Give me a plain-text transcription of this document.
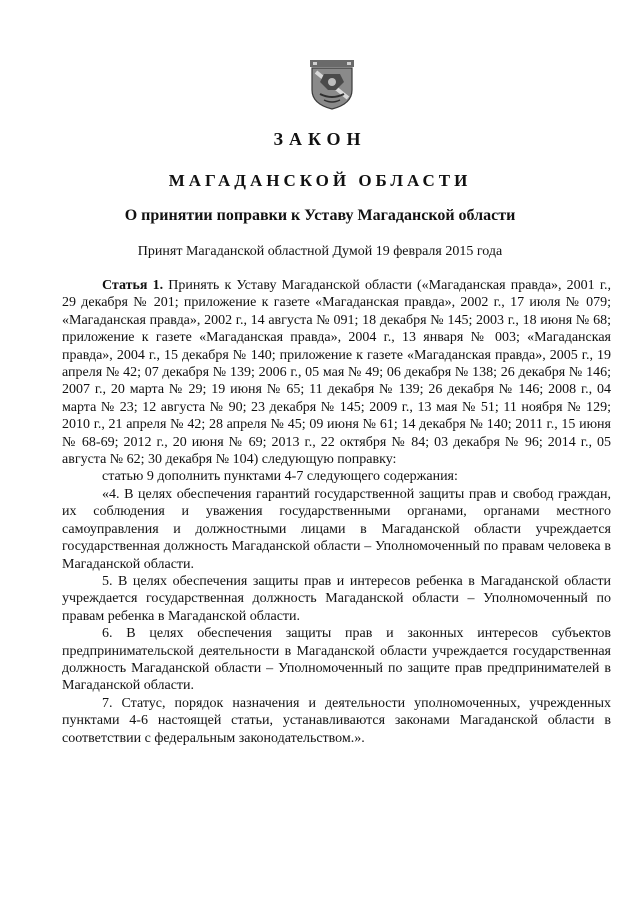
ЗАКОН
МАГАДАНСКОЙ ОБЛАСТИ
О принятии поправки к Уставу Магаданской области
Принят Магаданской областной Думой 19 февраля 2015 года

Статья 1. Принять к Уставу Магаданской области («Магаданская правда», 2001 г., 29 декабря № 201; приложение к газете «Магаданская правда», 2002 г., 17 июля № 079; «Магаданская правда», 2002 г., 14 августа № 091; 18 декабря № 145; 2003 г., 18 июня № 68; приложение к газете «Магаданская правда», 2004 г., 13 января № 003; «Магаданская правда», 2004 г., 15 декабря № 140; приложение к газете «Магаданская правда», 2005 г., 19 апреля № 42; 07 декабря № 139; 2006 г., 05 мая № 49; 06 декабря № 138; 26 декабря № 146; 2007 г., 20 марта № 29; 19 июня № 65; 11 декабря № 139; 26 декабря № 146; 2008 г., 04 марта № 23; 12 августа № 90; 23 декабря № 145; 2009 г., 13 мая № 51; 11 ноября № 129; 2010 г., 21 апреля № 42; 28 апреля № 45; 09 июня № 61; 14 декабря № 140; 2011 г., 15 июня № 68-69; 2012 г., 20 июня № 69; 2013 г., 22 октября № 84; 03 декабря № 96; 2014 г., 05 августа № 62; 30 декабря № 104) следующую поправку:

статью 9 дополнить пунктами 4-7 следующего содержания:

«4. В целях обеспечения гарантий государственной защиты прав и свобод граждан, их соблюдения и уважения государственными органами, органами местного самоуправления и должностными лицами в Магаданской области учреждается государственная должность Магаданской области – Уполномоченный по правам человека в Магаданской области.

5. В целях обеспечения защиты прав и интересов ребенка в Магаданской области учреждается государственная должность Магаданской области – Уполномоченный по правам ребенка в Магаданской области.

6. В целях обеспечения защиты прав и законных интересов субъектов предпринимательской деятельности в Магаданской области учреждается государственная должность Магаданской области – Уполномоченный по защите прав предпринимателей в Магаданской области.

7. Статус, порядок назначения и деятельности уполномоченных, учрежденных пунктами 4-6 настоящей статьи, устанавливаются законами Магаданской области в соответствии с федеральным законодательством.».
